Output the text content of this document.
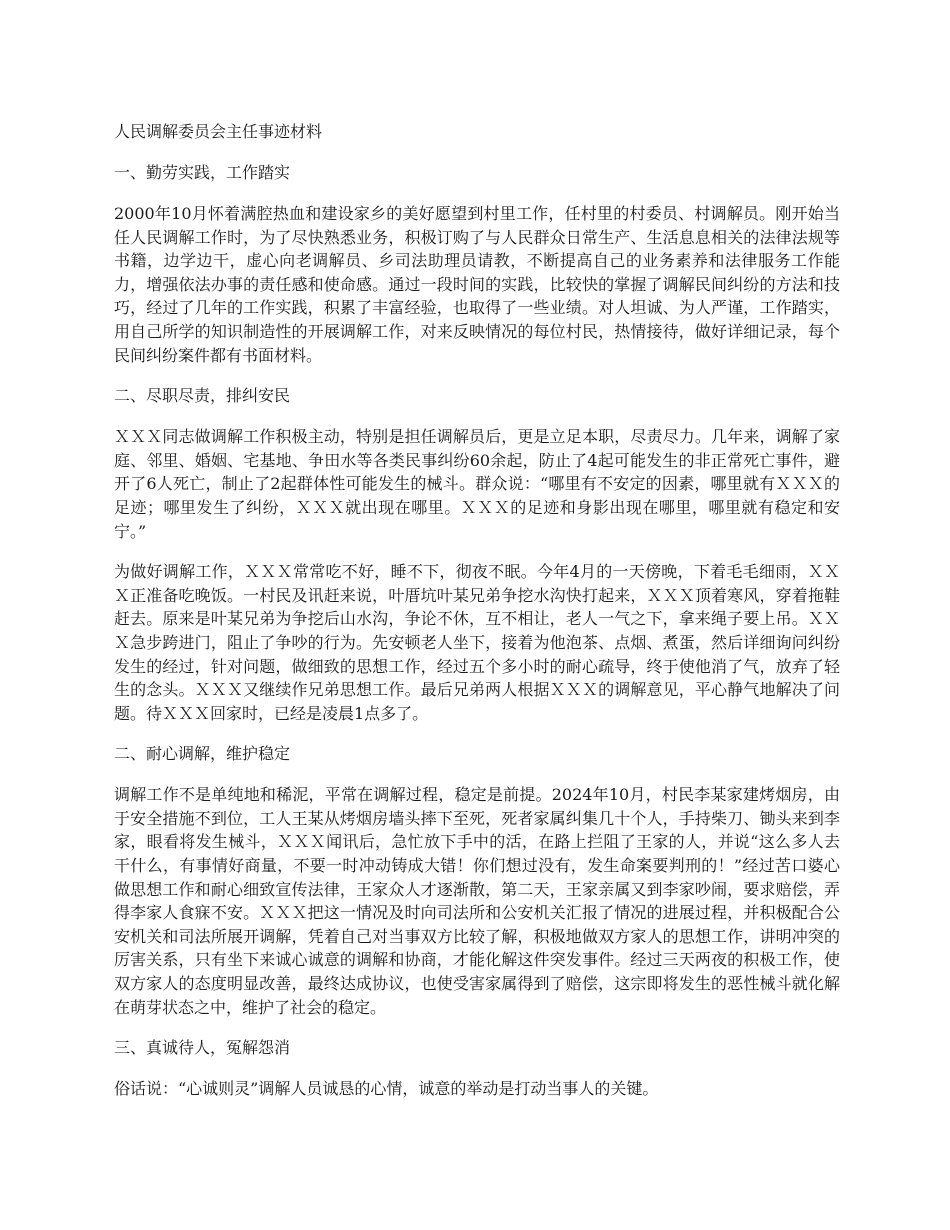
人民调解委员会主任事迹材料
一、勤劳实践，工作踏实
2000年10月怀着满腔热血和建设家乡的美好愿望到村里工作，任村里的村委员、村调解员。刚开始当任人民调解工作时，为了尽快熟悉业务，积极订购了与人民群众日常生产、生活息息相关的法律法规等书籍，边学边干，虚心向老调解员、乡司法助理员请教，不断提高自己的业务素养和法律服务工作能力，增强依法办事的责任感和使命感。通过一段时间的实践，比较快的掌握了调解民间纠纷的方法和技巧，经过了几年的工作实践，积累了丰富经验，也取得了一些业绩。对人坦诚、为人严谨，工作踏实，用自己所学的知识制造性的开展调解工作，对来反映情况的每位村民，热情接待，做好详细记录，每个民间纠纷案件都有书面材料。
二、尽职尽责，排纠安民
ＸＸＸ同志做调解工作积极主动，特别是担任调解员后，更是立足本职，尽责尽力。几年来，调解了家庭、邻里、婚姻、宅基地、争田水等各类民事纠纷60余起，防止了4起可能发生的非正常死亡事件，避开了6人死亡，制止了2起群体性可能发生的械斗。群众说：“哪里有不安定的因素，哪里就有ＸＸＸ的足迹；哪里发生了纠纷，ＸＸＸ就出现在哪里。ＸＸＸ的足迹和身影出现在哪里，哪里就有稳定和安宁。”
为做好调解工作，ＸＸＸ常常吃不好，睡不下，彻夜不眠。今年4月的一天傍晚，下着毛毛细雨，ＸＸＸ正准备吃晚饭。一村民及讯赶来说，叶厝坑叶某兄弟争挖水沟快打起来，ＸＸＸ顶着寒风，穿着拖鞋赶去。原来是叶某兄弟为争挖后山水沟，争论不休，互不相让，老人一气之下，拿来绳子要上吊。ＸＸＸ急步跨进门，阻止了争吵的行为。先安顿老人坐下，接着为他泡茶、点烟、煮蛋，然后详细询问纠纷发生的经过，针对问题，做细致的思想工作，经过五个多小时的耐心疏导，终于使他消了气，放弃了轻生的念头。ＸＸＸ又继续作兄弟思想工作。最后兄弟两人根据ＸＸＸ的调解意见，平心静气地解决了问题。待ＸＸＸ回家时，已经是凌晨1点多了。
二、耐心调解，维护稳定
调解工作不是单纯地和稀泥，平常在调解过程，稳定是前提。2024年10月，村民李某家建烤烟房，由于安全措施不到位，工人王某从烤烟房墙头摔下至死，死者家属纠集几十个人，手持柴刀、锄头来到李家，眼看将发生械斗，ＸＸＸ闻讯后，急忙放下手中的活，在路上拦阻了王家的人，并说“这么多人去干什么，有事情好商量，不要一时冲动铸成大错！你们想过没有，发生命案要判刑的！”经过苦口婆心做思想工作和耐心细致宣传法律，王家众人才逐渐散，第二天，王家亲属又到李家吵闹，要求赔偿，弄得李家人食寐不安。ＸＸＸ把这一情况及时向司法所和公安机关汇报了情况的进展过程，并积极配合公安机关和司法所展开调解，凭着自己对当事双方比较了解，积极地做双方家人的思想工作，讲明冲突的厉害关系，只有坐下来诚心诚意的调解和协商，才能化解这件突发事件。经过三天两夜的积极工作，使双方家人的态度明显改善，最终达成协议，也使受害家属得到了赔偿，这宗即将发生的恶性械斗就化解在萌芽状态之中，维护了社会的稳定。
三、真诚待人，冤解怨消
俗话说：“心诚则灵”调解人员诚恳的心情，诚意的举动是打动当事人的关键。
